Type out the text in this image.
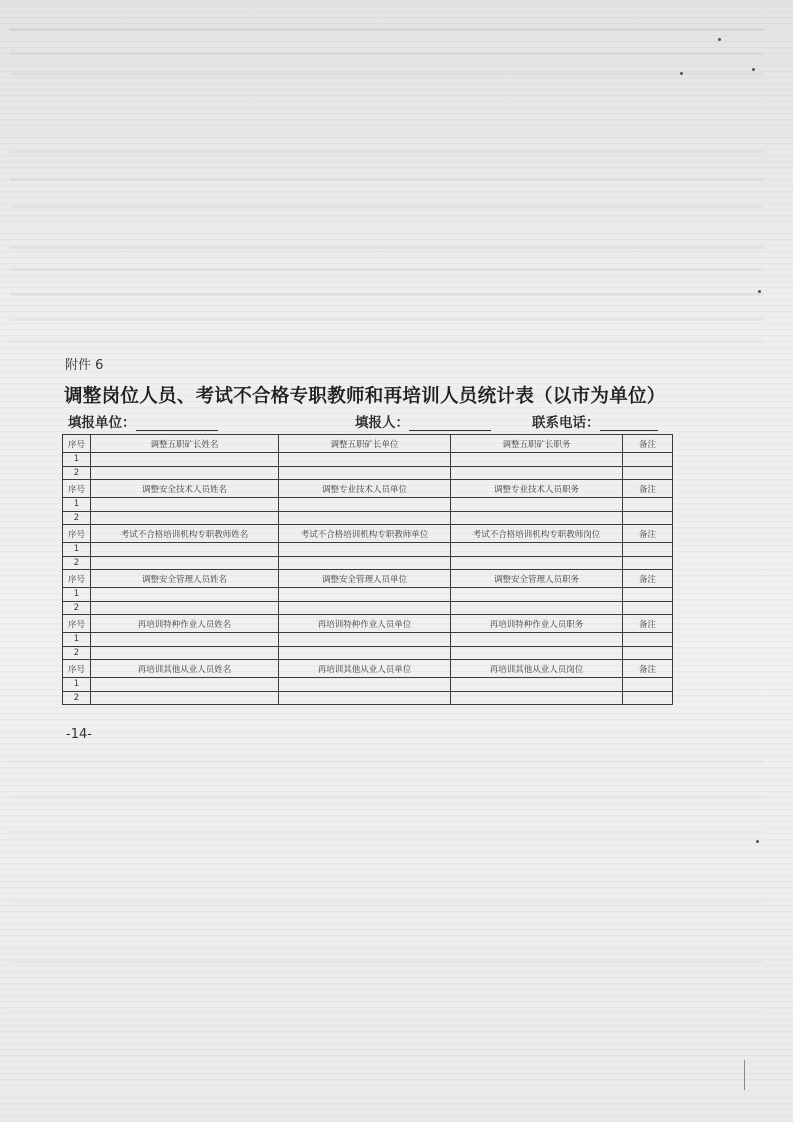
附件 6
调整岗位人员、考试不合格专职教师和再培训人员统计表（以市为单位）
填报单位：	填报人：	联系电话：
序号	调整五职矿长姓名	调整五职矿长单位	调整五职矿长职务	备注
1				
2				
序号	调整安全技术人员姓名	调整专业技术人员单位	调整专业技术人员职务	备注
1				
2				
序号	考试不合格培训机构专职教师姓名	考试不合格培训机构专职教师单位	考试不合格培训机构专职教师岗位	备注
1				
2				
序号	调整安全管理人员姓名	调整安全管理人员单位	调整安全管理人员职务	备注
1				
2				
序号	再培训特种作业人员姓名	再培训特种作业人员单位	再培训特种作业人员职务	备注
1				
2				
序号	再培训其他从业人员姓名	再培训其他从业人员单位	再培训其他从业人员岗位	备注
1				
2				
-14-
